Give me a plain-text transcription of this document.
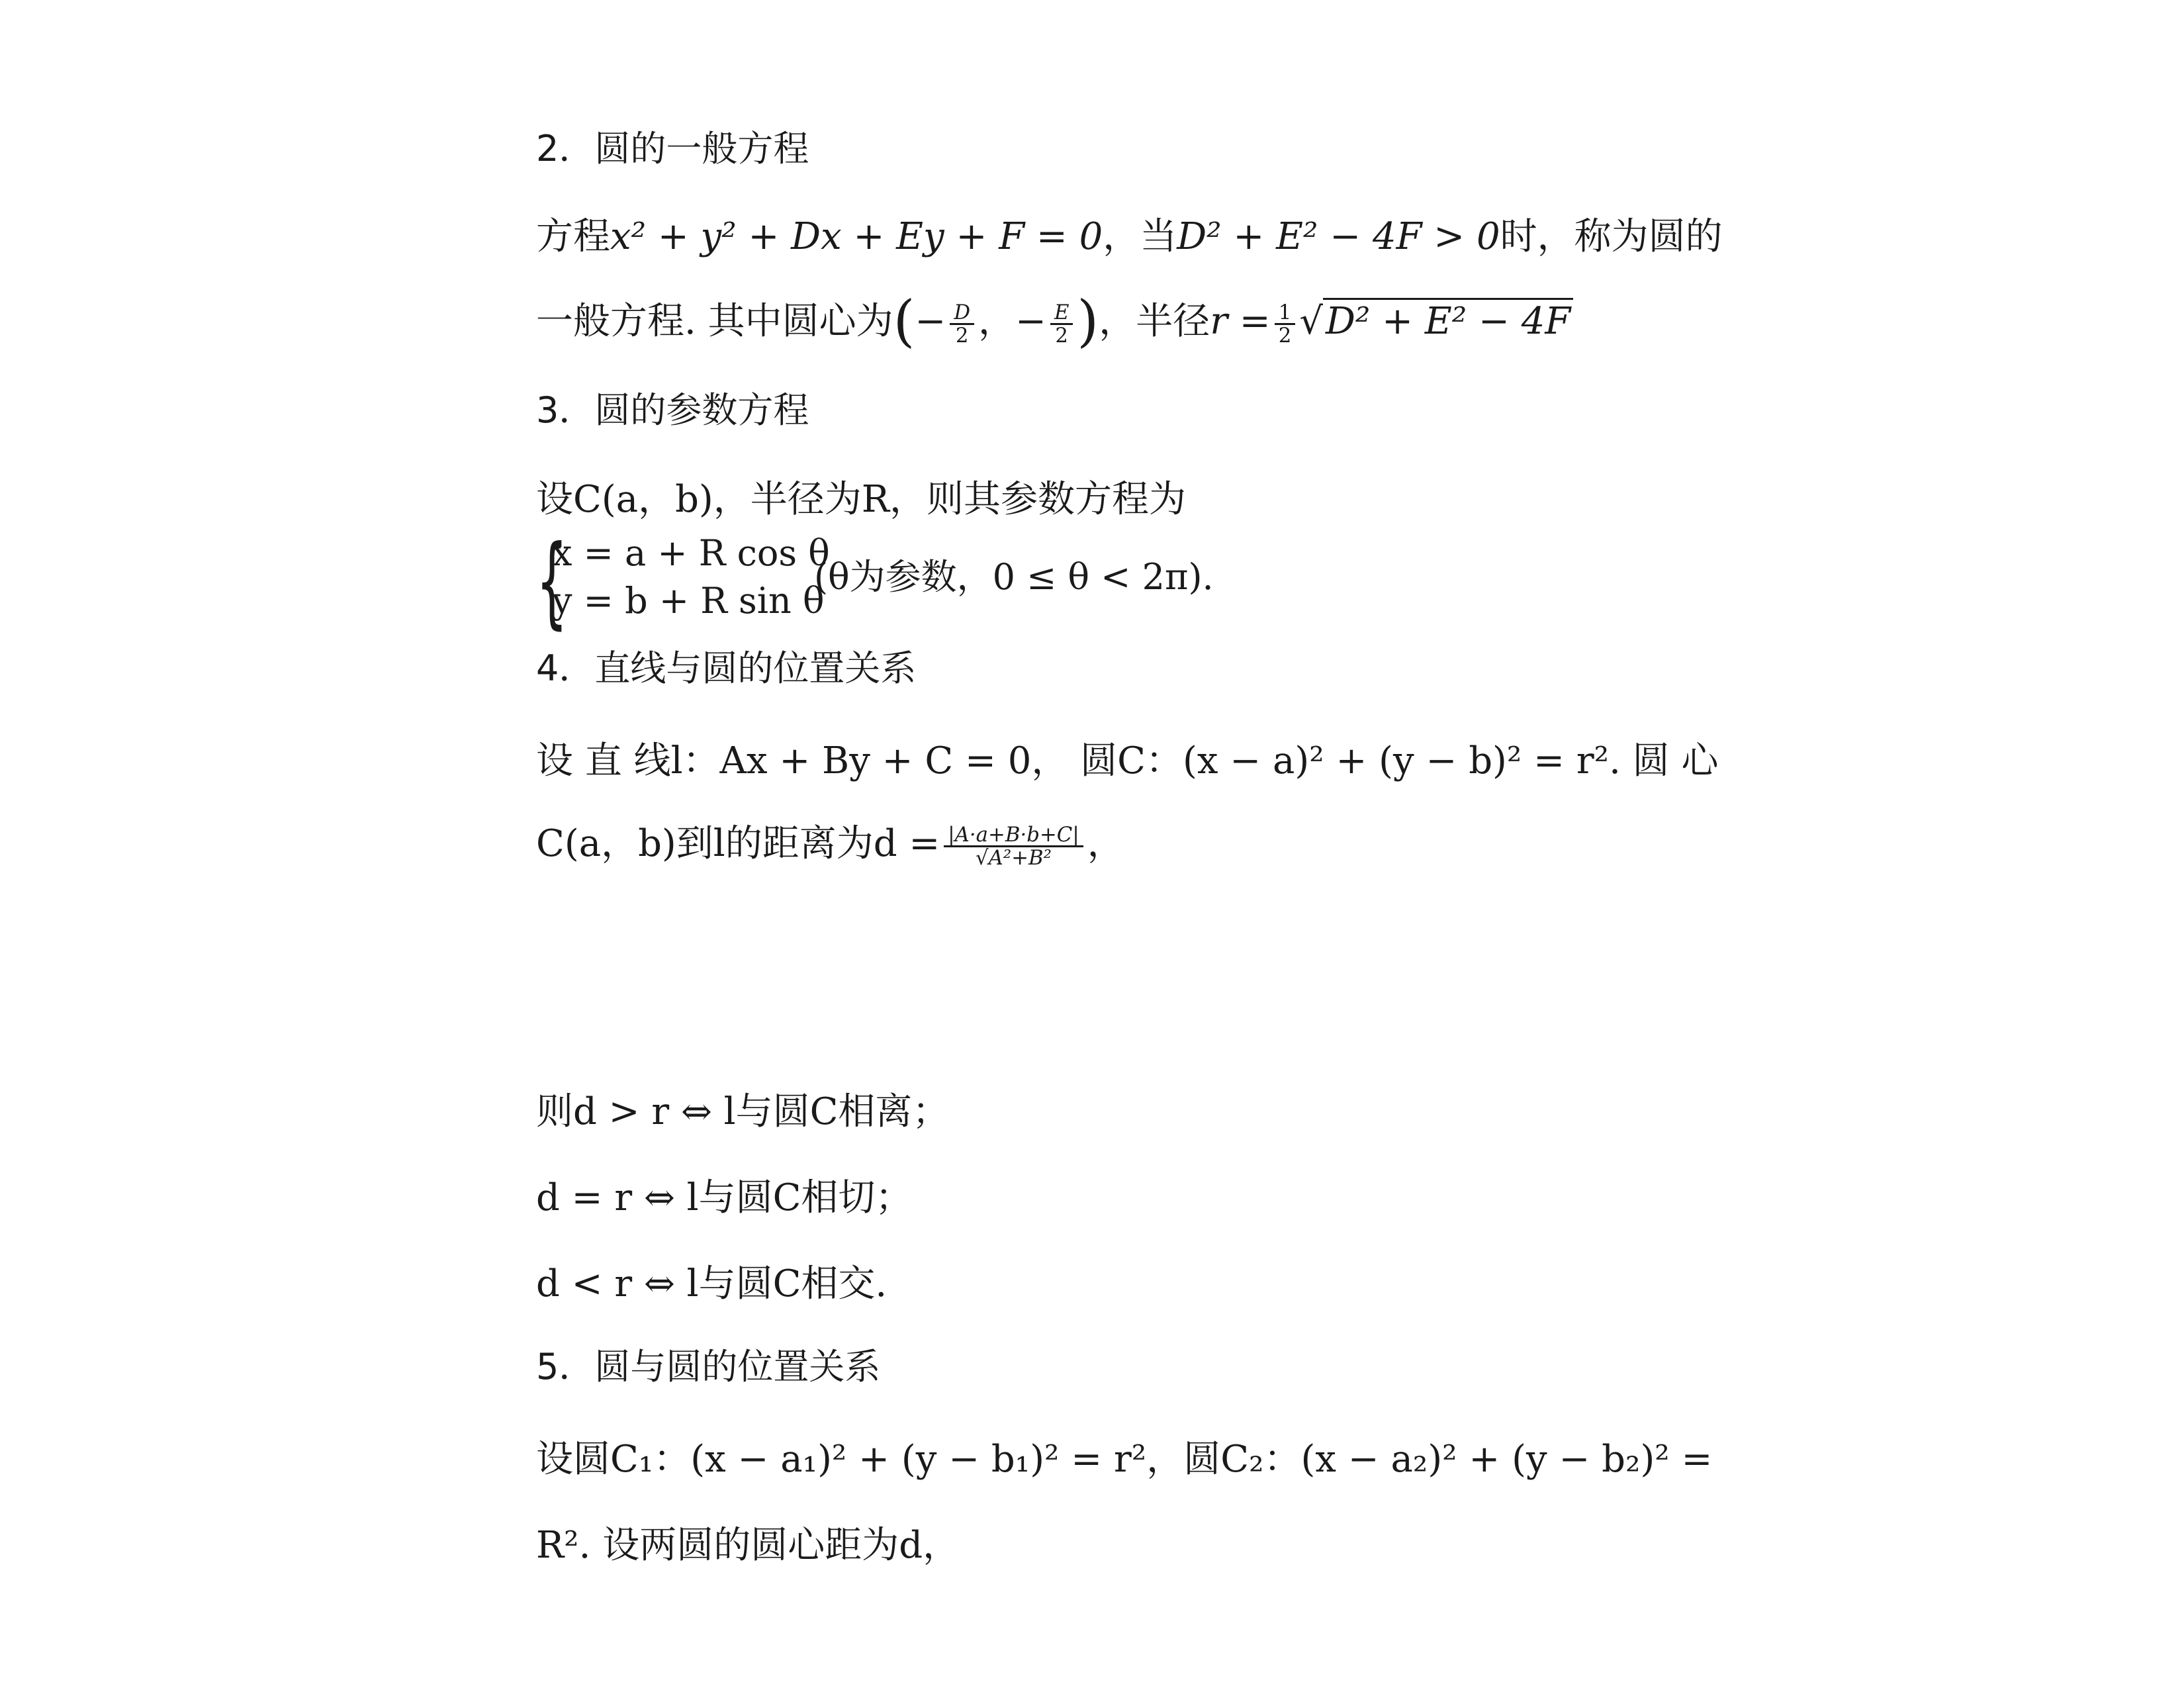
2．圆的一般方程
方程x² + y² + Dx + Ey + F = 0，当D² + E² − 4F > 0时，称为圆的
一般方程. 其中圆心为(− $\frac{D}{2}$ ，− $\frac{E}{2}$ )，半径$r = \frac{1}{2} √D^2 + E^2 - 4F$
3．圆的参数方程
设C(a，b)，半径为R，则其参数方程为
{
x = a + R cos θ
y = b + R sin θ
(θ为参数，0 ≤ θ < 2π).
4．直线与圆的位置关系
设 直 线l：Ax + By + C = 0， 圆C：(x − a)² + (y − b)² = r². 圆 心
C(a，b)到l的距离为$d = \frac{|A\cdot a+B\cdot b+C|}{\text{√A²+B²}}$ ，
则d > r ⇔ l与圆C相离；
d = r ⇔ l与圆C相切；
d < r ⇔ l与圆C相交.
5．圆与圆的位置关系
设圆C₁：(x − a₁)² + (y − b₁)² = r²，圆C₂：(x − a₂)² + (y − b₂)² =
R². 设两圆的圆心距为d，
